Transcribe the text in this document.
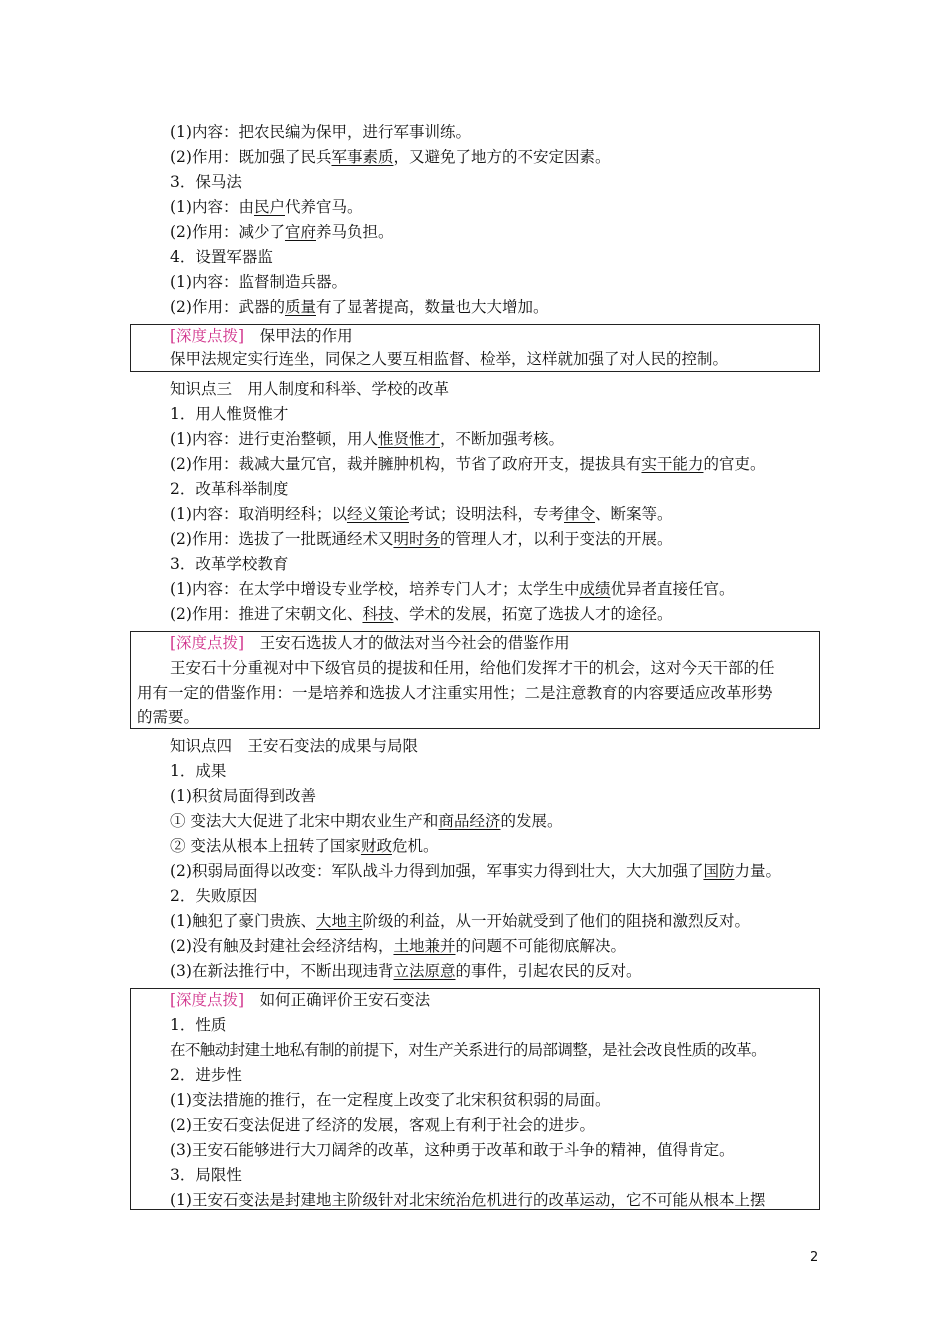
(1)内容：把农民编为保甲，进行军事训练。
(2)作用：既加强了民兵军事素质，又避免了地方的不安定因素。
3．保马法
(1)内容：由民户代养官马。
(2)作用：减少了官府养马负担。
4．设置军器监
(1)内容：监督制造兵器。
(2)作用：武器的质量有了显著提高，数量也大大增加。
[深度点拨]　 保甲法的作用
保甲法规定实行连坐，同保之人要互相监督、检举，这样就加强了对人民的控制。
知识点三　用人制度和科举、学校的改革
1．用人惟贤惟才
(1)内容：进行吏治整顿，用人惟贤惟才，不断加强考核。
(2)作用：裁减大量冗官，裁并臃肿机构，节省了政府开支，提拔具有实干能力的官吏。
2．改革科举制度
(1)内容：取消明经科；以经义策论考试；设明法科，专考律令、断案等。
(2)作用：选拔了一批既通经术又明时务的管理人才，以利于变法的开展。
3．改革学校教育
(1)内容：在太学中增设专业学校，培养专门人才；太学生中成绩优异者直接任官。
(2)作用：推进了宋朝文化、科技、学术的发展，拓宽了选拔人才的途径。
[深度点拨]　 王安石选拔人才的做法对当今社会的借鉴作用
王安石十分重视对中下级官员的提拔和任用，给他们发挥才干的机会，这对今天干部的任
用有一定的借鉴作用：一是培养和选拔人才注重实用性；二是注意教育的内容要适应改革形势
的需要。
知识点四　王安石变法的成果与局限
1．成果
(1)积贫局面得到改善
① 变法大大促进了北宋中期农业生产和商品经济的发展。
② 变法从根本上扭转了国家财政危机。
(2)积弱局面得以改变：军队战斗力得到加强，军事实力得到壮大，大大加强了国防力量。
2．失败原因
(1)触犯了豪门贵族、大地主阶级的利益，从一开始就受到了他们的阻挠和激烈反对。
(2)没有触及封建社会经济结构，土地兼并的问题不可能彻底解决。
(3)在新法推行中，不断出现违背立法原意的事件，引起农民的反对。
[深度点拨]　 如何正确评价王安石变法
1．性质
在不触动封建土地私有制的前提下，对生产关系进行的局部调整，是社会改良性质的改革。
2．进步性
(1)变法措施的推行，在一定程度上改变了北宋积贫积弱的局面。
(2)王安石变法促进了经济的发展，客观上有利于社会的进步。
(3)王安石能够进行大刀阔斧的改革，这种勇于改革和敢于斗争的精神，值得肯定。
3．局限性
(1)王安石变法是封建地主阶级针对北宋统治危机进行的改革运动，它不可能从根本上摆
2
